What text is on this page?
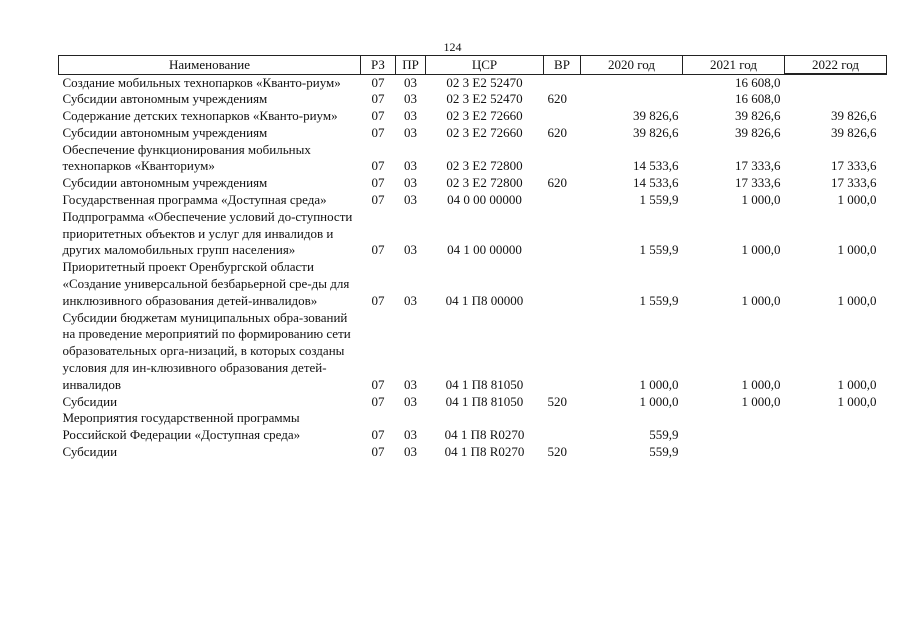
124
Наименование	РЗ	ПР	ЦСР	ВР	2020 год	2021 год	2022 год
Создание мобильных технопарков «Кванто-риум»	07	03	02 3 Е2 52470			16 608,0	
Субсидии автономным учреждениям	07	03	02 3 Е2 52470	620		16 608,0	
Содержание детских технопарков «Кванто-риум»	07	03	02 3 Е2 72660		39 826,6	39 826,6	39 826,6
Субсидии автономным учреждениям	07	03	02 3 Е2 72660	620	39 826,6	39 826,6	39 826,6
Обеспечение функционирования мобильных технопарков «Кванториум»	07	03	02 3 Е2 72800		14 533,6	17 333,6	17 333,6
Субсидии автономным учреждениям	07	03	02 3 Е2 72800	620	14 533,6	17 333,6	17 333,6
Государственная программа «Доступная среда»	07	03	04 0 00 00000		1 559,9	1 000,0	1 000,0
Подпрограмма «Обеспечение условий до-ступности приоритетных объектов и услуг для инвалидов и других маломобильных групп населения»	07	03	04 1 00 00000		1 559,9	1 000,0	1 000,0
Приоритетный проект Оренбургской области «Создание универсальной безбарьерной сре-ды для инклюзивного образования детей-инвалидов»	07	03	04 1 П8 00000		1 559,9	1 000,0	1 000,0
Субсидии бюджетам муниципальных обра-зований на проведение мероприятий по формированию сети образовательных орга-низаций, в которых созданы условия для ин-клюзивного образования детей-инвалидов	07	03	04 1 П8 81050		1 000,0	1 000,0	1 000,0
Субсидии	07	03	04 1 П8 81050	520	1 000,0	1 000,0	1 000,0
Мероприятия государственной программы Российской Федерации «Доступная среда»	07	03	04 1 П8 R0270		559,9		
Субсидии	07	03	04 1 П8 R0270	520	559,9		
